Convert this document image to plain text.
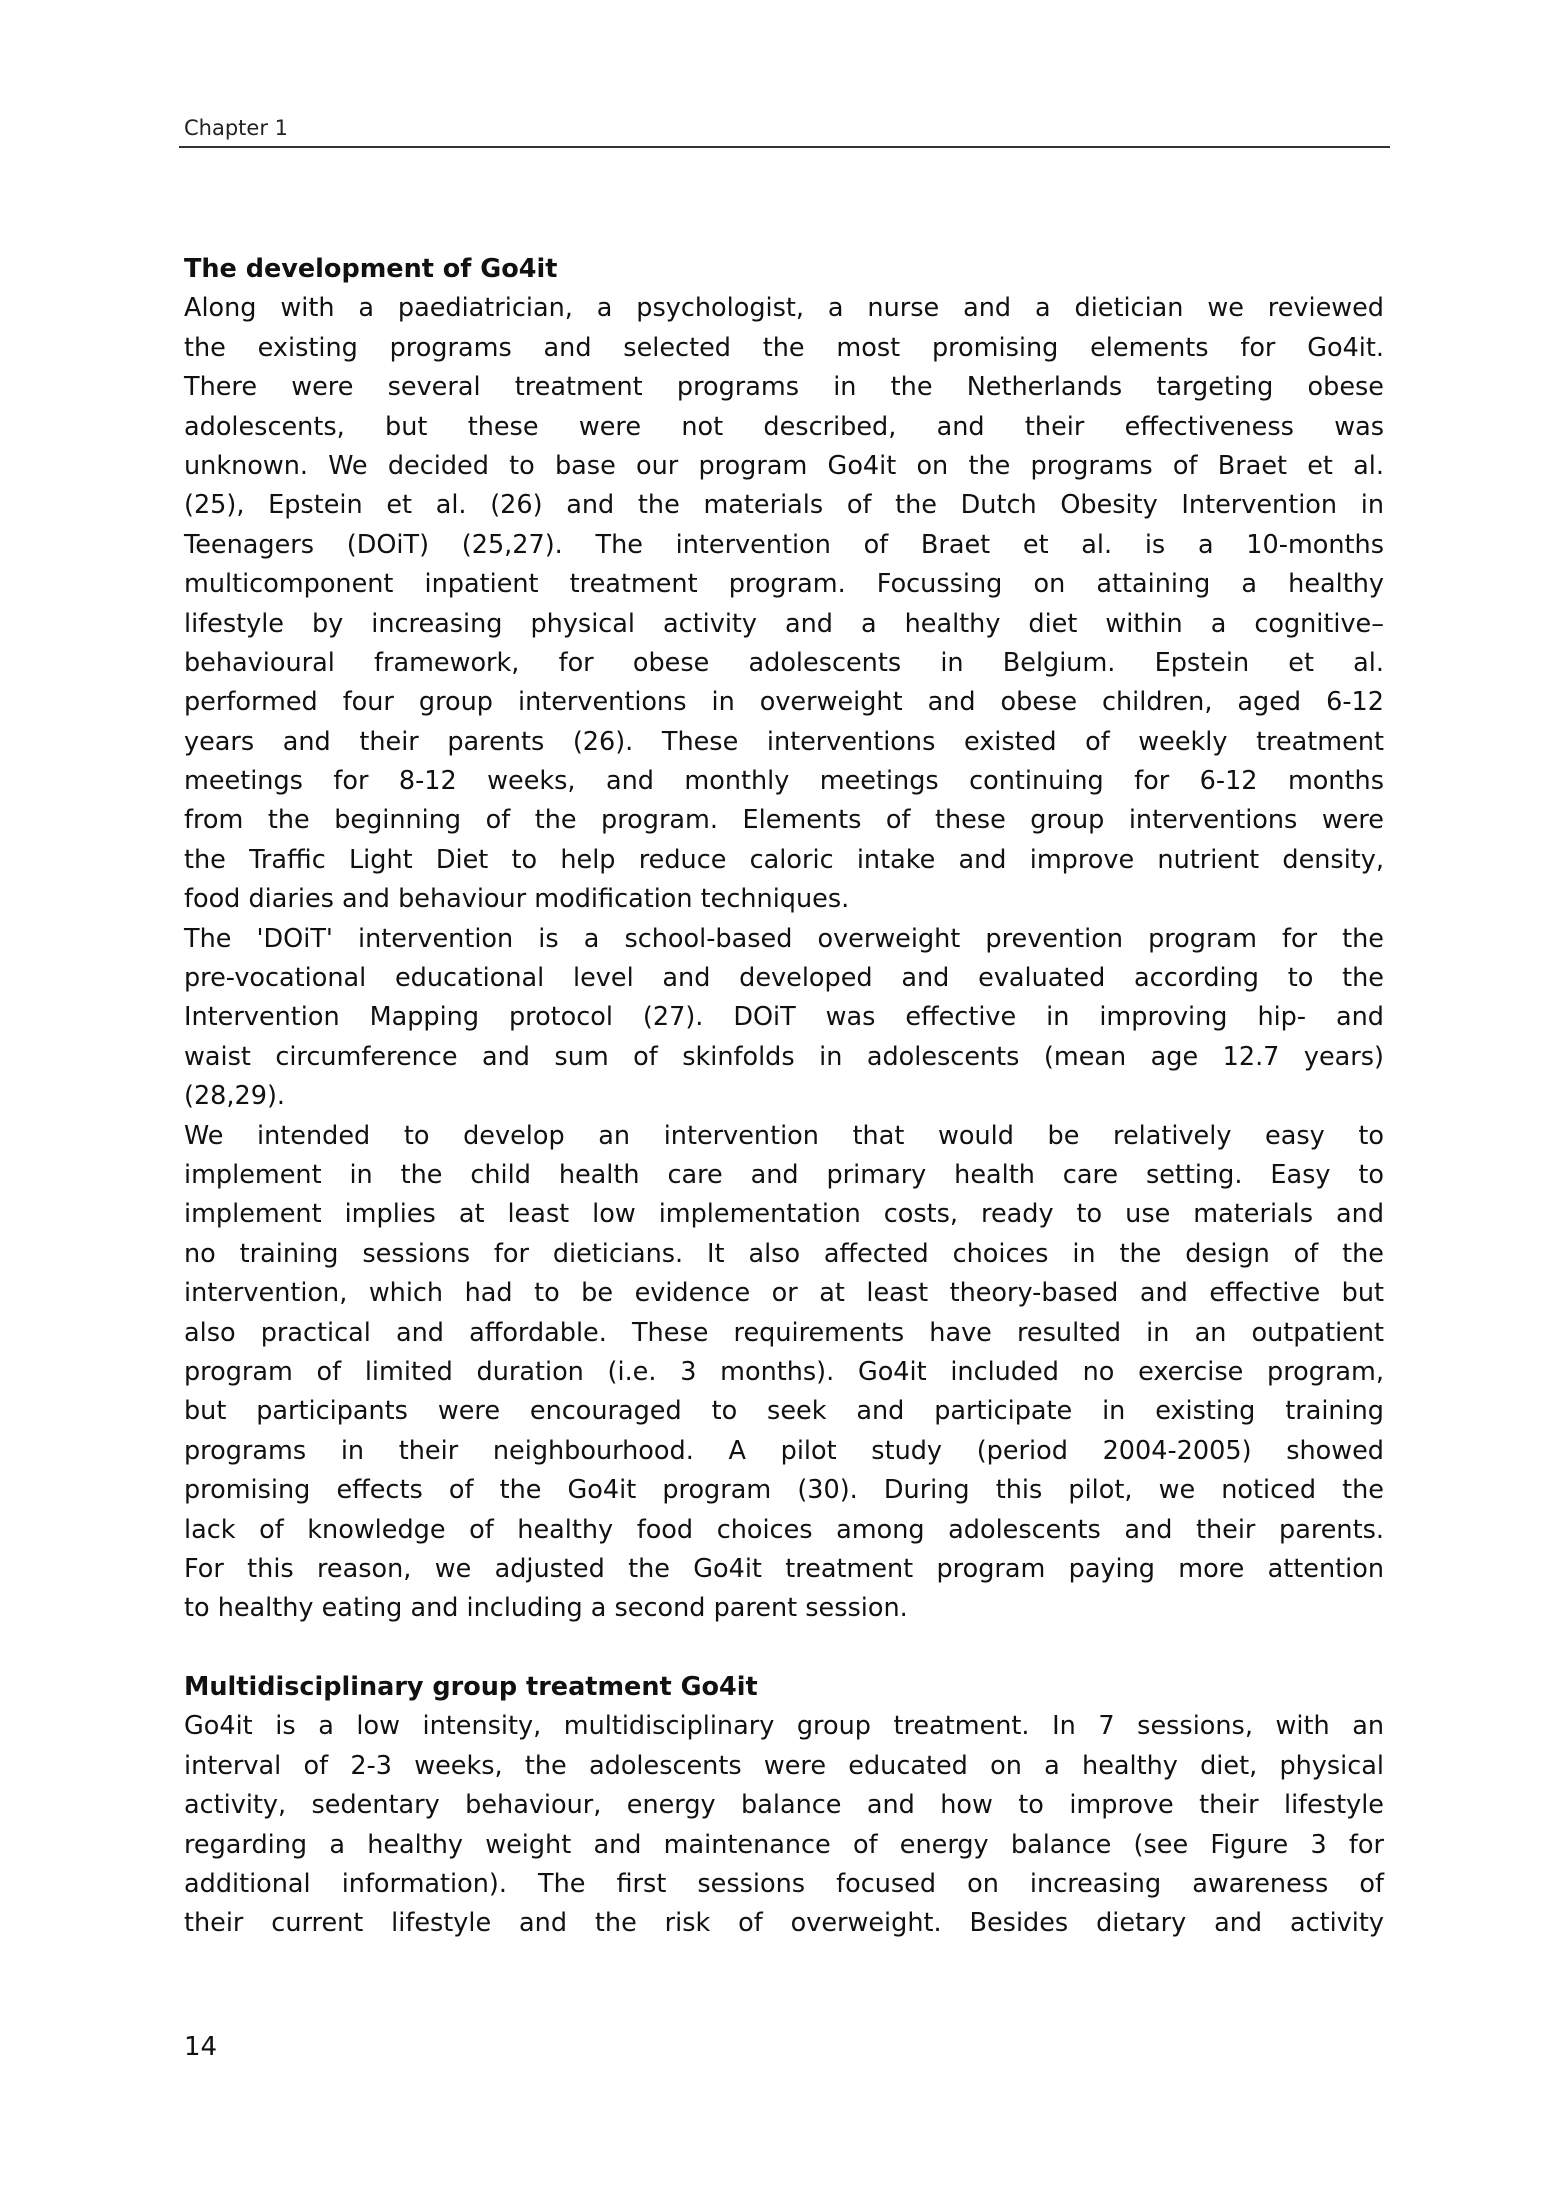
Chapter 1
The development of Go4it
Along with a paediatrician, a psychologist, a nurse and a dietician we reviewed
the existing programs and selected the most promising elements for Go4it.
There were several treatment programs in the Netherlands targeting obese
adolescents, but these were not described, and their effectiveness was
unknown. We decided to base our program Go4it on the programs of Braet et al.
(25), Epstein et al. (26) and the materials of the Dutch Obesity Intervention in
Teenagers (DOiT) (25,27). The intervention of Braet et al. is a 10-months
multicomponent inpatient treatment program. Focussing on attaining a healthy
lifestyle by increasing physical activity and a healthy diet within a cognitive–
behavioural framework, for obese adolescents in Belgium. Epstein et al.
performed four group interventions in overweight and obese children, aged 6-12
years and their parents (26). These interventions existed of weekly treatment
meetings for 8-12 weeks, and monthly meetings continuing for 6-12 months
from the beginning of the program. Elements of these group interventions were
the Traffic Light Diet to help reduce caloric intake and improve nutrient density,
food diaries and behaviour modification techniques.
The 'DOiT' intervention is a school-based overweight prevention program for the
pre-vocational educational level and developed and evaluated according to the
Intervention Mapping protocol (27). DOiT was effective in improving hip- and
waist circumference and sum of skinfolds in adolescents (mean age 12.7 years)
(28,29).
We intended to develop an intervention that would be relatively easy to
implement in the child health care and primary health care setting. Easy to
implement implies at least low implementation costs, ready to use materials and
no training sessions for dieticians. It also affected choices in the design of the
intervention, which had to be evidence or at least theory-based and effective but
also practical and affordable. These requirements have resulted in an outpatient
program of limited duration (i.e. 3 months). Go4it included no exercise program,
but participants were encouraged to seek and participate in existing training
programs in their neighbourhood. A pilot study (period 2004-2005) showed
promising effects of the Go4it program (30). During this pilot, we noticed the
lack of knowledge of healthy food choices among adolescents and their parents.
For this reason, we adjusted the Go4it treatment program paying more attention
to healthy eating and including a second parent session.
Multidisciplinary group treatment Go4it
Go4it is a low intensity, multidisciplinary group treatment. In 7 sessions, with an
interval of 2-3 weeks, the adolescents were educated on a healthy diet, physical
activity, sedentary behaviour, energy balance and how to improve their lifestyle
regarding a healthy weight and maintenance of energy balance (see Figure 3 for
additional information). The first sessions focused on increasing awareness of
their current lifestyle and the risk of overweight. Besides dietary and activity
14
